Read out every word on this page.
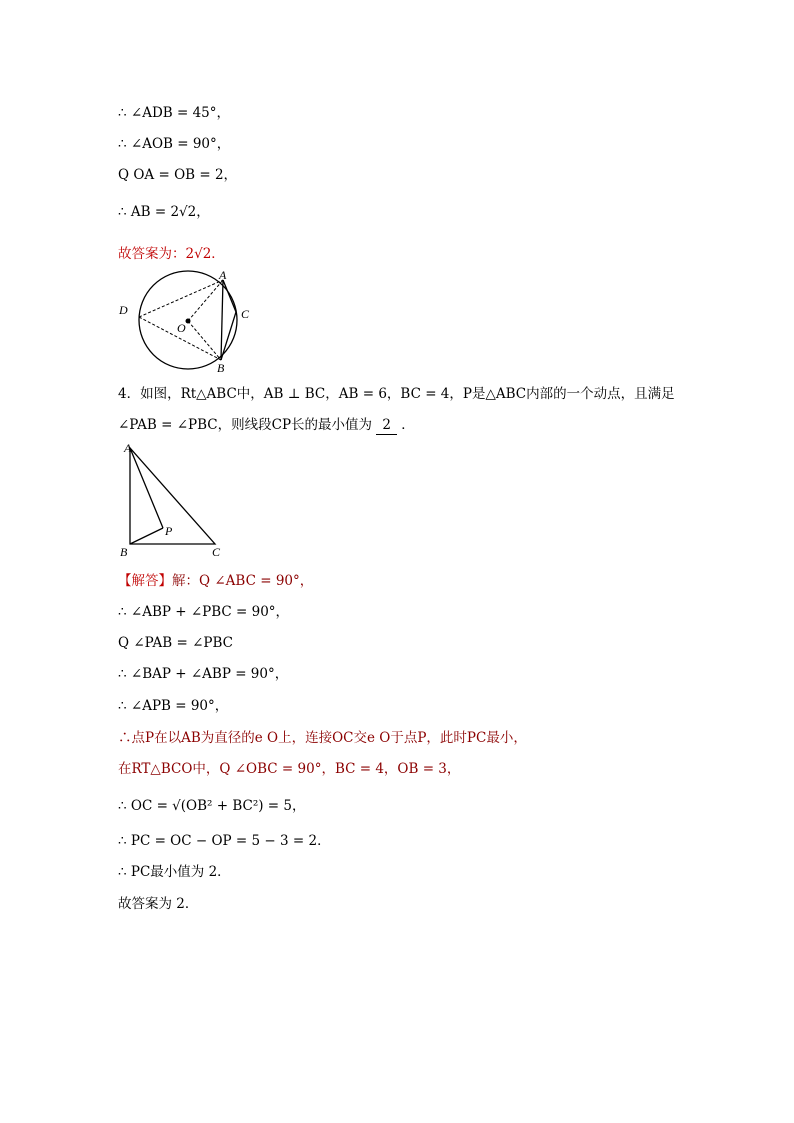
∴ ∠ADB = 45°，
∴ ∠AOB = 90°，
Q OA = OB = 2，
∴ AB = 2√2，
故答案为：2√2．
A
B
C
D
O
4．如图，Rt△ABC中，AB ⊥ BC，AB = 6，BC = 4，P是△ABC内部的一个动点，且满足
∠PAB = ∠PBC，则线段CP长的最小值为 2 ．
A
B	C
P
【解答】解：Q ∠ABC = 90°，
∴ ∠ABP + ∠PBC = 90°，
Q ∠PAB = ∠PBC
∴ ∠BAP + ∠ABP = 90°，
∴ ∠APB = 90°，
∴点P在以AB为直径的e O上，连接OC交e O于点P，此时PC最小，
在RT△BCO中，Q ∠OBC = 90°，BC = 4，OB = 3，
∴ OC = √(OB² + BC²) = 5，
∴ PC = OC − OP = 5 − 3 = 2．
∴ PC最小值为 2．
故答案为 2．
